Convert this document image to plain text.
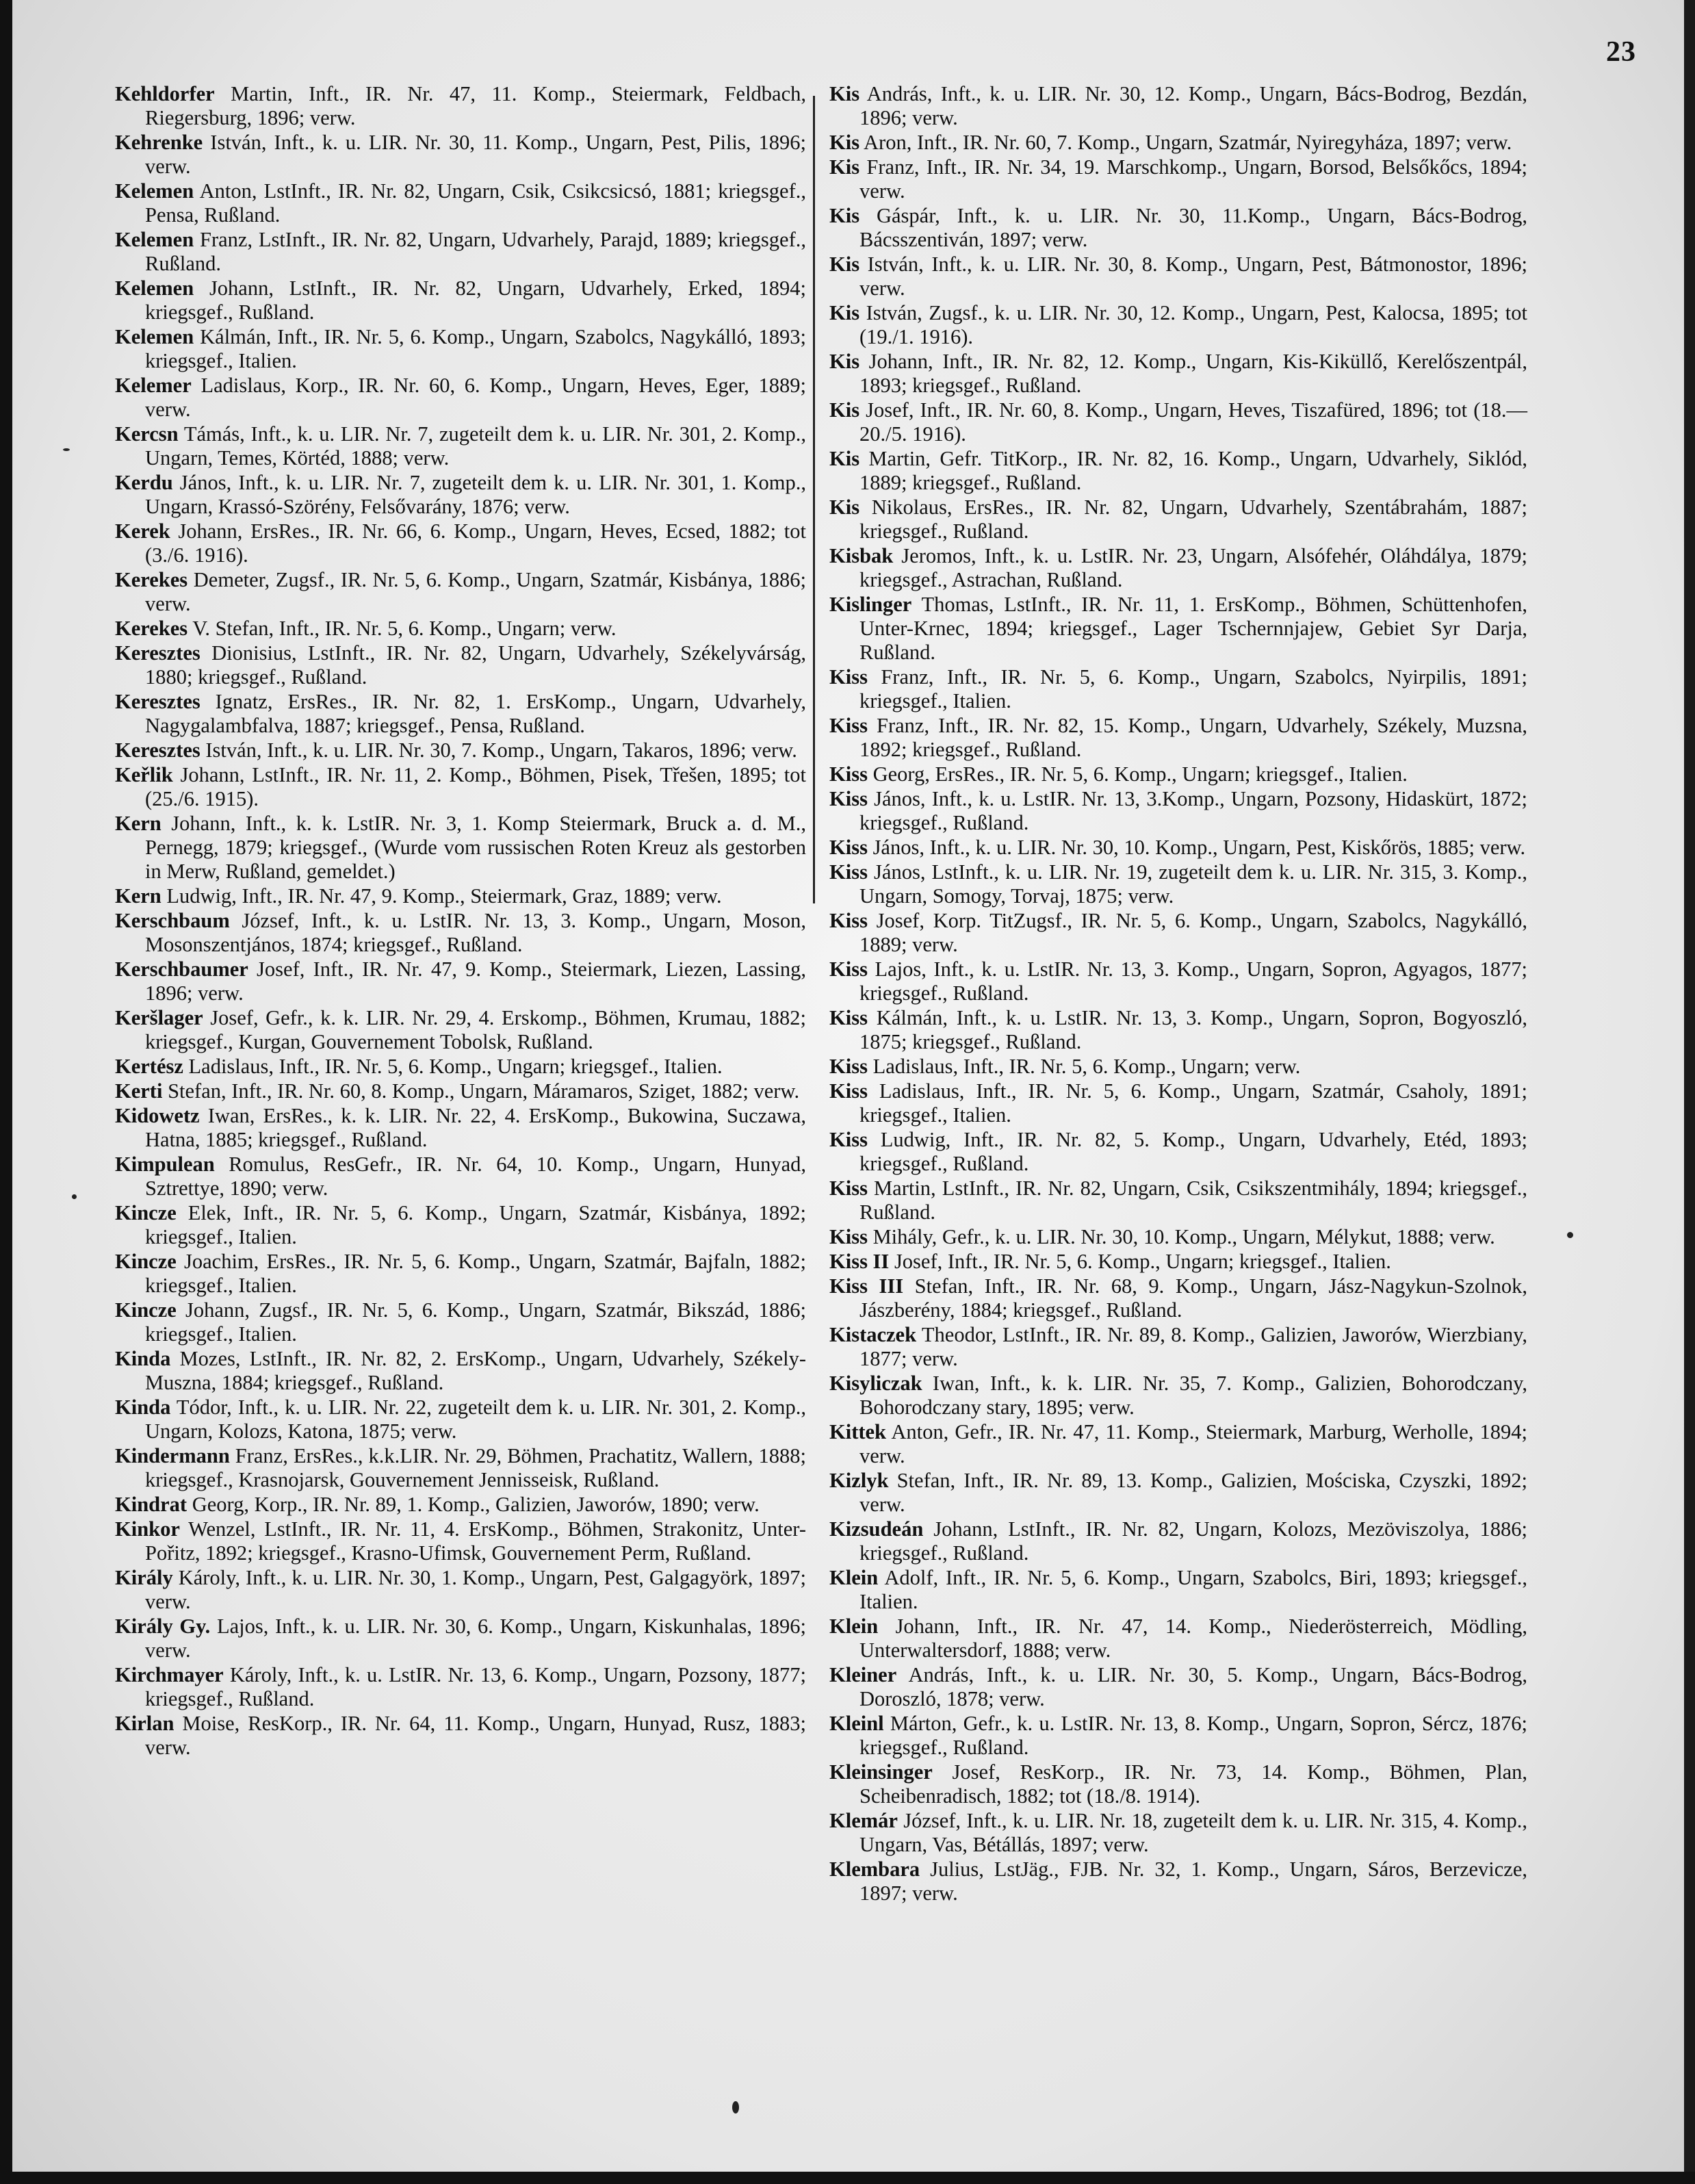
23

Kehldorfer Martin, Inft., IR. Nr. 47, 11. Komp., Steiermark, Feldbach, Riegersburg, 1896; verw.

Kehrenke István, Inft., k. u. LIR. Nr. 30, 11. Komp., Ungarn, Pest, Pilis, 1896; verw.

Kelemen Anton, LstInft., IR. Nr. 82, Ungarn, Csik, Csikcsicsó, 1881; kriegsgef., Pensa, Rußland.

Kelemen Franz, LstInft., IR. Nr. 82, Ungarn, Udvarhely, Parajd, 1889; kriegsgef., Rußland.

Kelemen Johann, LstInft., IR. Nr. 82, Ungarn, Udvarhely, Erked, 1894; kriegsgef., Rußland.

Kelemen Kálmán, Inft., IR. Nr. 5, 6. Komp., Ungarn, Szabolcs, Nagykálló, 1893; kriegsgef., Italien.

Kelemer Ladislaus, Korp., IR. Nr. 60, 6. Komp., Ungarn, Heves, Eger, 1889; verw.

Kercsn Támás, Inft., k. u. LIR. Nr. 7, zugeteilt dem k. u. LIR. Nr. 301, 2. Komp., Ungarn, Temes, Körtéd, 1888; verw.

Kerdu János, Inft., k. u. LIR. Nr. 7, zugeteilt dem k. u. LIR. Nr. 301, 1. Komp., Ungarn, Krassó-Szörény, Felsővarány, 1876; verw.

Kerek Johann, ErsRes., IR. Nr. 66, 6. Komp., Ungarn, Heves, Ecsed, 1882; tot (3./6. 1916).

Kerekes Demeter, Zugsf., IR. Nr. 5, 6. Komp., Ungarn, Szatmár, Kisbánya, 1886; verw.

Kerekes V. Stefan, Inft., IR. Nr. 5, 6. Komp., Ungarn; verw.

Keresztes Dionisius, LstInft., IR. Nr. 82, Ungarn, Udvarhely, Székelyvárság, 1880; kriegsgef., Rußland.

Keresztes Ignatz, ErsRes., IR. Nr. 82, 1. ErsKomp., Ungarn, Udvarhely, Nagygalambfalva, 1887; kriegsgef., Pensa, Rußland.

Keresztes István, Inft., k. u. LIR. Nr. 30, 7. Komp., Ungarn, Takaros, 1896; verw.

Keřlik Johann, LstInft., IR. Nr. 11, 2. Komp., Böhmen, Pisek, Třešen, 1895; tot (25./6. 1915).

Kern Johann, Inft., k. k. LstIR. Nr. 3, 1. Komp Steiermark, Bruck a. d. M., Pernegg, 1879; kriegsgef., (Wurde vom russischen Roten Kreuz als gestorben in Merw, Rußland, gemeldet.)

Kern Ludwig, Inft., IR. Nr. 47, 9. Komp., Steiermark, Graz, 1889; verw.

Kerschbaum József, Inft., k. u. LstIR. Nr. 13, 3. Komp., Ungarn, Moson, Mosonszentjános, 1874; kriegsgef., Rußland.

Kerschbaumer Josef, Inft., IR. Nr. 47, 9. Komp., Steiermark, Liezen, Lassing, 1896; verw.

Keršlager Josef, Gefr., k. k. LIR. Nr. 29, 4. Erskomp., Böhmen, Krumau, 1882; kriegsgef., Kurgan, Gouvernement Tobolsk, Rußland.

Kertész Ladislaus, Inft., IR. Nr. 5, 6. Komp., Ungarn; kriegsgef., Italien.

Kerti Stefan, Inft., IR. Nr. 60, 8. Komp., Ungarn, Máramaros, Sziget, 1882; verw.

Kidowetz Iwan, ErsRes., k. k. LIR. Nr. 22, 4. ErsKomp., Bukowina, Suczawa, Hatna, 1885; kriegsgef., Rußland.

Kimpulean Romulus, ResGefr., IR. Nr. 64, 10. Komp., Ungarn, Hunyad, Sztrettye, 1890; verw.

Kincze Elek, Inft., IR. Nr. 5, 6. Komp., Ungarn, Szatmár, Kisbánya, 1892; kriegsgef., Italien.

Kincze Joachim, ErsRes., IR. Nr. 5, 6. Komp., Ungarn, Szatmár, Bajfaln, 1882; kriegsgef., Italien.

Kincze Johann, Zugsf., IR. Nr. 5, 6. Komp., Ungarn, Szatmár, Bikszád, 1886; kriegsgef., Italien.

Kinda Mozes, LstInft., IR. Nr. 82, 2. ErsKomp., Ungarn, Udvarhely, Székely-Muszna, 1884; kriegsgef., Rußland.

Kinda Tódor, Inft., k. u. LIR. Nr. 22, zugeteilt dem k. u. LIR. Nr. 301, 2. Komp., Ungarn, Kolozs, Katona, 1875; verw.

Kindermann Franz, ErsRes., k.k.LIR. Nr. 29, Böhmen, Prachatitz, Wallern, 1888; kriegsgef., Krasnojarsk, Gouvernement Jennisseisk, Rußland.

Kindrat Georg, Korp., IR. Nr. 89, 1. Komp., Galizien, Jaworów, 1890; verw.

Kinkor Wenzel, LstInft., IR. Nr. 11, 4. ErsKomp., Böhmen, Strakonitz, Unter-Pořitz, 1892; kriegsgef., Krasno-Ufimsk, Gouvernement Perm, Rußland.

Király Károly, Inft., k. u. LIR. Nr. 30, 1. Komp., Ungarn, Pest, Galgagyörk, 1897; verw.

Király Gy. Lajos, Inft., k. u. LIR. Nr. 30, 6. Komp., Ungarn, Kiskunhalas, 1896; verw.

Kirchmayer Károly, Inft., k. u. LstIR. Nr. 13, 6. Komp., Ungarn, Pozsony, 1877; kriegsgef., Rußland.

Kirlan Moise, ResKorp., IR. Nr. 64, 11. Komp., Ungarn, Hunyad, Rusz, 1883; verw.

Kis András, Inft., k. u. LIR. Nr. 30, 12. Komp., Ungarn, Bács-Bodrog, Bezdán, 1896; verw.

Kis Aron, Inft., IR. Nr. 60, 7. Komp., Ungarn, Szatmár, Nyiregyháza, 1897; verw.

Kis Franz, Inft., IR. Nr. 34, 19. Marschkomp., Ungarn, Borsod, Belsőkőcs, 1894; verw.

Kis Gáspár, Inft., k. u. LIR. Nr. 30, 11.Komp., Ungarn, Bács-Bodrog, Bácsszentiván, 1897; verw.

Kis István, Inft., k. u. LIR. Nr. 30, 8. Komp., Ungarn, Pest, Bátmonostor, 1896; verw.

Kis István, Zugsf., k. u. LIR. Nr. 30, 12. Komp., Ungarn, Pest, Kalocsa, 1895; tot (19./1. 1916).

Kis Johann, Inft., IR. Nr. 82, 12. Komp., Ungarn, Kis-Kiküllő, Kerelőszentpál, 1893; kriegsgef., Rußland.

Kis Josef, Inft., IR. Nr. 60, 8. Komp., Ungarn, Heves, Tiszafüred, 1896; tot (18.—20./5. 1916).

Kis Martin, Gefr. TitKorp., IR. Nr. 82, 16. Komp., Ungarn, Udvarhely, Siklód, 1889; kriegsgef., Rußland.

Kis Nikolaus, ErsRes., IR. Nr. 82, Ungarn, Udvarhely, Szentábrahám, 1887; kriegsgef., Rußland.

Kisbak Jeromos, Inft., k. u. LstIR. Nr. 23, Ungarn, Alsófehér, Oláhdálya, 1879; kriegsgef., Astrachan, Rußland.

Kislinger Thomas, LstInft., IR. Nr. 11, 1. ErsKomp., Böhmen, Schüttenhofen, Unter-Krnec, 1894; kriegsgef., Lager Tschernnjajew, Gebiet Syr Darja, Rußland.

Kiss Franz, Inft., IR. Nr. 5, 6. Komp., Ungarn, Szabolcs, Nyirpilis, 1891; kriegsgef., Italien.

Kiss Franz, Inft., IR. Nr. 82, 15. Komp., Ungarn, Udvarhely, Székely, Muzsna, 1892; kriegsgef., Rußland.

Kiss Georg, ErsRes., IR. Nr. 5, 6. Komp., Ungarn; kriegsgef., Italien.

Kiss János, Inft., k. u. LstIR. Nr. 13, 3.Komp., Ungarn, Pozsony, Hidaskürt, 1872; kriegsgef., Rußland.

Kiss János, Inft., k. u. LIR. Nr. 30, 10. Komp., Ungarn, Pest, Kiskőrös, 1885; verw.

Kiss János, LstInft., k. u. LIR. Nr. 19, zugeteilt dem k. u. LIR. Nr. 315, 3. Komp., Ungarn, Somogy, Torvaj, 1875; verw.

Kiss Josef, Korp. TitZugsf., IR. Nr. 5, 6. Komp., Ungarn, Szabolcs, Nagykálló, 1889; verw.

Kiss Lajos, Inft., k. u. LstIR. Nr. 13, 3. Komp., Ungarn, Sopron, Agyagos, 1877; kriegsgef., Rußland.

Kiss Kálmán, Inft., k. u. LstIR. Nr. 13, 3. Komp., Ungarn, Sopron, Bogyoszló, 1875; kriegsgef., Rußland.

Kiss Ladislaus, Inft., IR. Nr. 5, 6. Komp., Ungarn; verw.

Kiss Ladislaus, Inft., IR. Nr. 5, 6. Komp., Ungarn, Szatmár, Csaholy, 1891; kriegsgef., Italien.

Kiss Ludwig, Inft., IR. Nr. 82, 5. Komp., Ungarn, Udvarhely, Etéd, 1893; kriegsgef., Rußland.

Kiss Martin, LstInft., IR. Nr. 82, Ungarn, Csik, Csikszentmihály, 1894; kriegsgef., Rußland.

Kiss Mihály, Gefr., k. u. LIR. Nr. 30, 10. Komp., Ungarn, Mélykut, 1888; verw.

Kiss II Josef, Inft., IR. Nr. 5, 6. Komp., Ungarn; kriegsgef., Italien.

Kiss III Stefan, Inft., IR. Nr. 68, 9. Komp., Ungarn, Jász-Nagykun-Szolnok, Jászberény, 1884; kriegsgef., Rußland.

Kistaczek Theodor, LstInft., IR. Nr. 89, 8. Komp., Galizien, Jaworów, Wierzbiany, 1877; verw.

Kisyliczak Iwan, Inft., k. k. LIR. Nr. 35, 7. Komp., Galizien, Bohorodczany, Bohorodczany stary, 1895; verw.

Kittek Anton, Gefr., IR. Nr. 47, 11. Komp., Steiermark, Marburg, Werholle, 1894; verw.

Kizlyk Stefan, Inft., IR. Nr. 89, 13. Komp., Galizien, Mościska, Czyszki, 1892; verw.

Kizsudeán Johann, LstInft., IR. Nr. 82, Ungarn, Kolozs, Mezöviszolya, 1886; kriegsgef., Rußland.

Klein Adolf, Inft., IR. Nr. 5, 6. Komp., Ungarn, Szabolcs, Biri, 1893; kriegsgef., Italien.

Klein Johann, Inft., IR. Nr. 47, 14. Komp., Niederösterreich, Mödling, Unterwaltersdorf, 1888; verw.

Kleiner András, Inft., k. u. LIR. Nr. 30, 5. Komp., Ungarn, Bács-Bodrog, Doroszló, 1878; verw.

Kleinl Márton, Gefr., k. u. LstIR. Nr. 13, 8. Komp., Ungarn, Sopron, Sércz, 1876; kriegsgef., Rußland.

Kleinsinger Josef, ResKorp., IR. Nr. 73, 14. Komp., Böhmen, Plan, Scheibenradisch, 1882; tot (18./8. 1914).

Klemár József, Inft., k. u. LIR. Nr. 18, zugeteilt dem k. u. LIR. Nr. 315, 4. Komp., Ungarn, Vas, Bétállás, 1897; verw.

Klembara Julius, LstJäg., FJB. Nr. 32, 1. Komp., Ungarn, Sáros, Berzevicze, 1897; verw.
